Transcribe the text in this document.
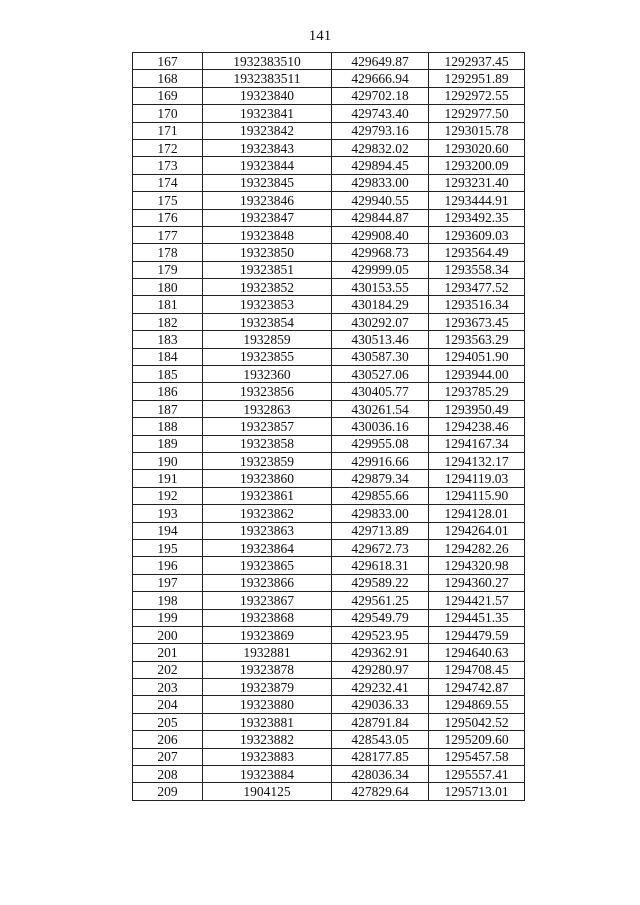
141
167	1932383510	429649.87	1292937.45
168	1932383511	429666.94	1292951.89
169	19323840	429702.18	1292972.55
170	19323841	429743.40	1292977.50
171	19323842	429793.16	1293015.78
172	19323843	429832.02	1293020.60
173	19323844	429894.45	1293200.09
174	19323845	429833.00	1293231.40
175	19323846	429940.55	1293444.91
176	19323847	429844.87	1293492.35
177	19323848	429908.40	1293609.03
178	19323850	429968.73	1293564.49
179	19323851	429999.05	1293558.34
180	19323852	430153.55	1293477.52
181	19323853	430184.29	1293516.34
182	19323854	430292.07	1293673.45
183	1932859	430513.46	1293563.29
184	19323855	430587.30	1294051.90
185	1932360	430527.06	1293944.00
186	19323856	430405.77	1293785.29
187	1932863	430261.54	1293950.49
188	19323857	430036.16	1294238.46
189	19323858	429955.08	1294167.34
190	19323859	429916.66	1294132.17
191	19323860	429879.34	1294119.03
192	19323861	429855.66	1294115.90
193	19323862	429833.00	1294128.01
194	19323863	429713.89	1294264.01
195	19323864	429672.73	1294282.26
196	19323865	429618.31	1294320.98
197	19323866	429589.22	1294360.27
198	19323867	429561.25	1294421.57
199	19323868	429549.79	1294451.35
200	19323869	429523.95	1294479.59
201	1932881	429362.91	1294640.63
202	19323878	429280.97	1294708.45
203	19323879	429232.41	1294742.87
204	19323880	429036.33	1294869.55
205	19323881	428791.84	1295042.52
206	19323882	428543.05	1295209.60
207	19323883	428177.85	1295457.58
208	19323884	428036.34	1295557.41
209	1904125	427829.64	1295713.01
